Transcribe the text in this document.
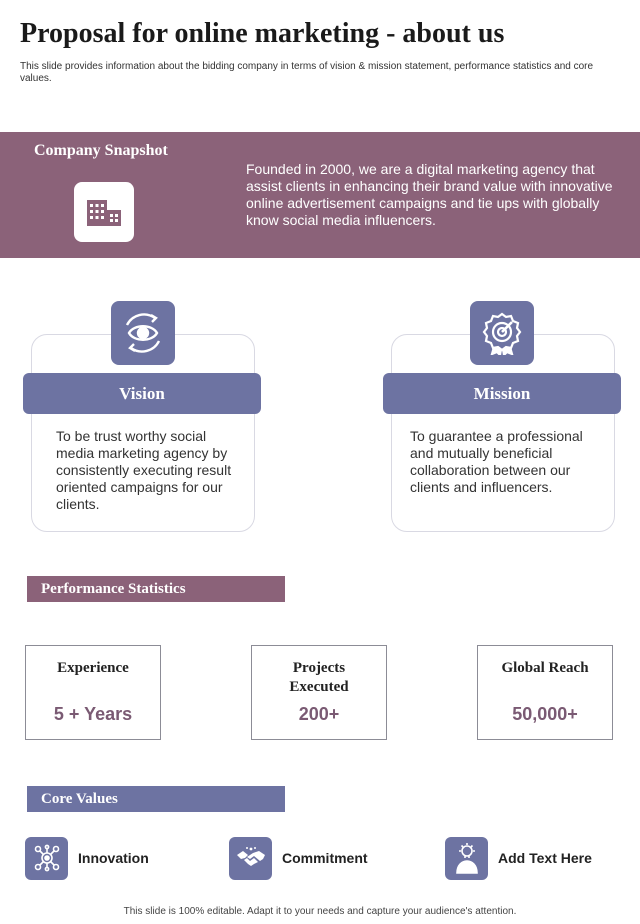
Proposal for online marketing - about us
This slide provides information about the bidding company in terms of vision & mission statement, performance statistics and core values.
Company Snapshot
Founded in 2000, we are a digital marketing agency that assist clients in enhancing their brand value with innovative online advertisement campaigns and tie ups with globally know social media influencers.
Vision
To be trust worthy social media marketing agency by consistently executing result oriented campaigns for our clients.
Mission
To guarantee a professional and mutually beneficial collaboration between our clients and influencers.
Performance Statistics
Experience
5 + Years
Projects Executed
200+
Global Reach
50,000+
Core Values
Innovation	Commitment	Add Text Here
This slide is 100% editable. Adapt it to your needs and capture your audience's attention.
